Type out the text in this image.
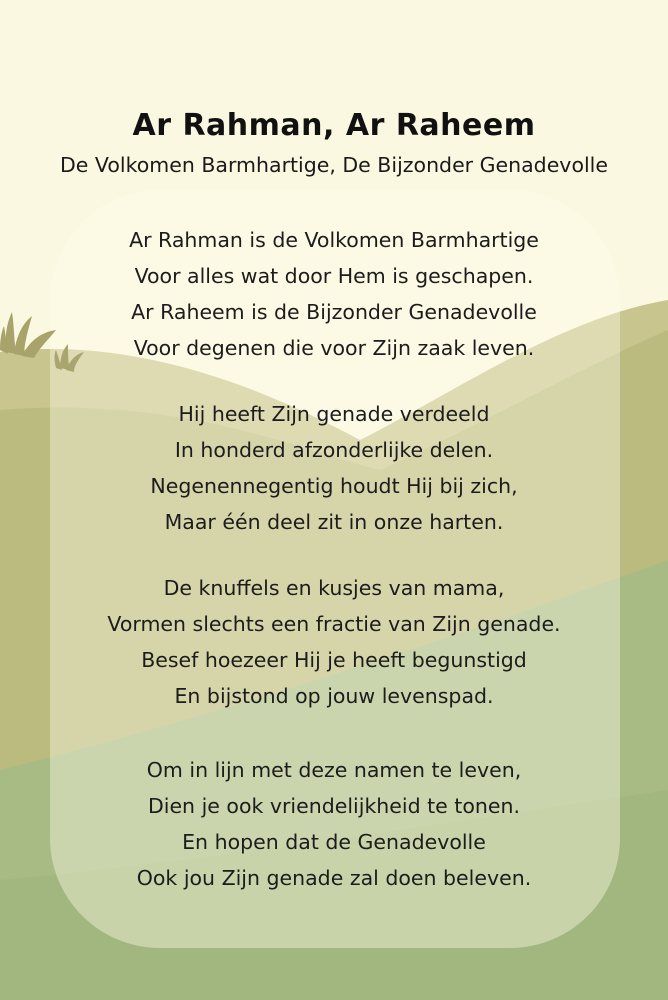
Ar Rahman, Ar Raheem
De Volkomen Barmhartige, De Bijzonder Genadevolle
Ar Rahman is de Volkomen Barmhartige
Voor alles wat door Hem is geschapen.
Ar Raheem is de Bijzonder Genadevolle
Voor degenen die voor Zijn zaak leven.
Hij heeft Zijn genade verdeeld
In honderd afzonderlijke delen.
Negenennegentig houdt Hij bij zich,
Maar één deel zit in onze harten.
De knuffels en kusjes van mama,
Vormen slechts een fractie van Zijn genade.
Besef hoezeer Hij je heeft begunstigd
En bijstond op jouw levenspad.
Om in lijn met deze namen te leven,
Dien je ook vriendelijkheid te tonen.
En hopen dat de Genadevolle
Ook jou Zijn genade zal doen beleven.
